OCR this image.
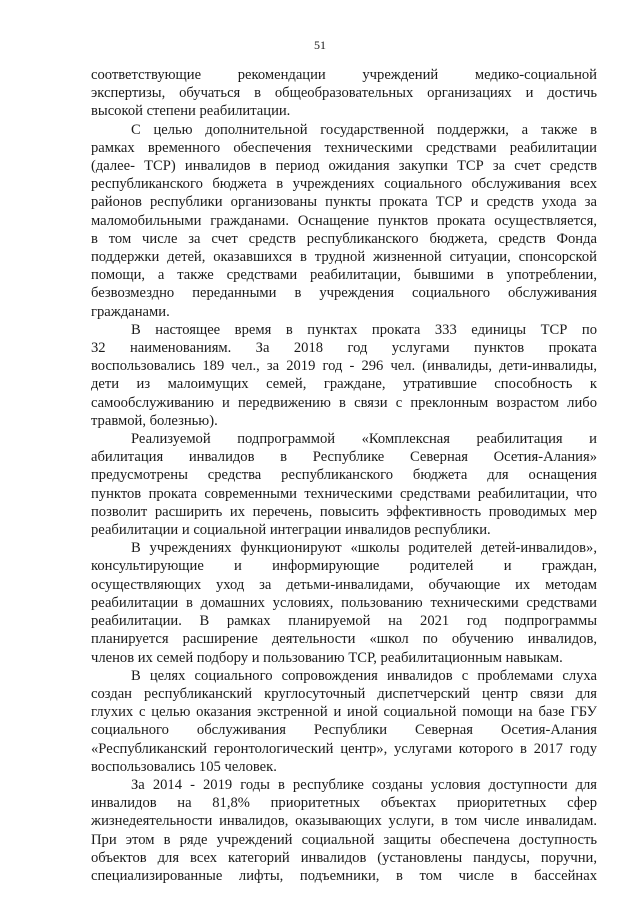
51
соответствующие рекомендации учреждений медико-социальной
экспертизы, обучаться в общеобразовательных организациях и достичь
высокой степени реабилитации.
С целью дополнительной государственной поддержки, а также в
рамках временного обеспечения техническими средствами реабилитации
(далее- ТСР) инвалидов в период ожидания закупки ТСР за счет средств
республиканского бюджета в учреждениях социального обслуживания всех
районов республики организованы пункты проката ТСР и средств ухода за
маломобильными гражданами. Оснащение пунктов проката осуществляется,
в том числе за счет средств республиканского бюджета, средств Фонда
поддержки детей, оказавшихся в трудной жизненной ситуации, спонсорской
помощи, а также средствами реабилитации, бывшими в употреблении,
безвозмездно переданными в учреждения социального обслуживания
гражданами.
В настоящее время в пунктах проката 333 единицы ТСР по
32 наименованиям. За 2018 год услугами пунктов проката
воспользовались 189 чел., за 2019 год - 296 чел. (инвалиды, дети-инвалиды,
дети из малоимущих семей, граждане, утратившие способность к
самообслуживанию и передвижению в связи с преклонным возрастом либо
травмой, болезнью).
Реализуемой подпрограммой «Комплексная реабилитация и
абилитация инвалидов в Республике Северная Осетия-Алания»
предусмотрены средства республиканского бюджета для оснащения
пунктов проката современными техническими средствами реабилитации, что
позволит расширить их перечень, повысить эффективность проводимых мер
реабилитации и социальной интеграции инвалидов республики.
В учреждениях функционируют «школы родителей детей-инвалидов»,
консультирующие и информирующие родителей и граждан,
осуществляющих уход за детьми-инвалидами, обучающие их методам
реабилитации в домашних условиях, пользованию техническими средствами
реабилитации. В рамках планируемой на 2021 год подпрограммы
планируется расширение деятельности «школ по обучению инвалидов,
членов их семей подбору и пользованию ТСР, реабилитационным навыкам.
В целях социального сопровождения инвалидов с проблемами слуха
создан республиканский круглосуточный диспетчерский центр связи для
глухих с целью оказания экстренной и иной социальной помощи на базе ГБУ
социального обслуживания Республики Северная Осетия-Алания
«Республиканский геронтологический центр», услугами которого в 2017 году
воспользовались 105 человек.
За 2014 - 2019 годы в республике созданы условия доступности для
инвалидов на 81,8% приоритетных объектах приоритетных сфер
жизнедеятельности инвалидов, оказывающих услуги, в том числе инвалидам.
При этом в ряде учреждений социальной защиты обеспечена доступность
объектов для всех категорий инвалидов (установлены пандусы, поручни,
специализированные лифты, подъемники, в том числе в бассейнах
